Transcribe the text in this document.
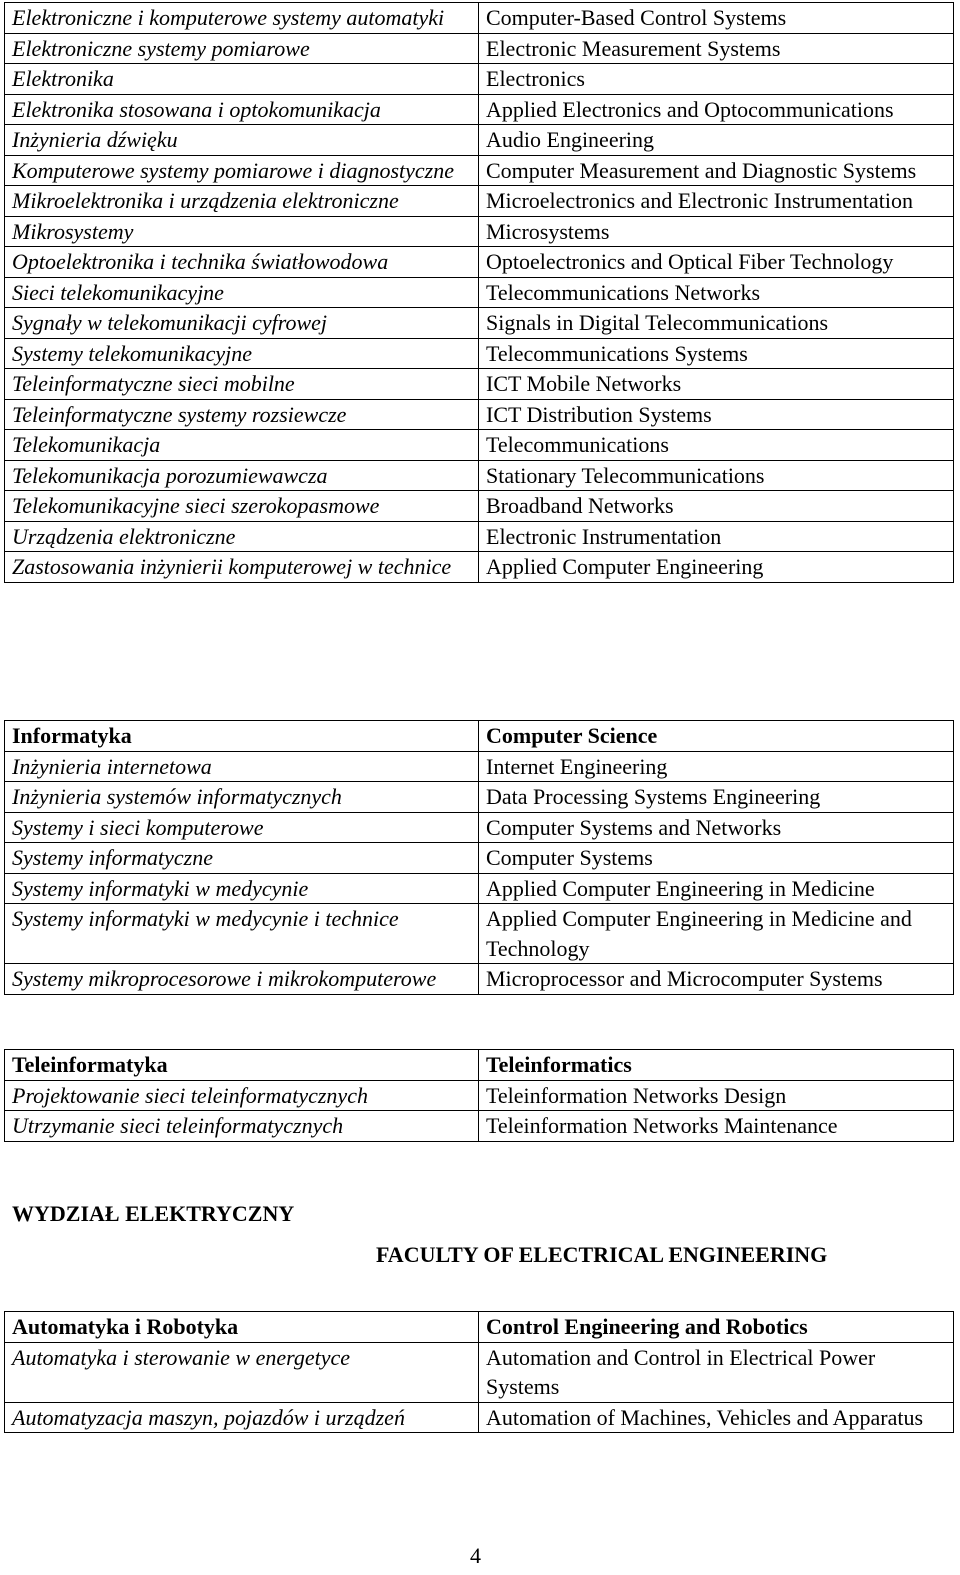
Elektroniczne i komputerowe systemy automatyki	Computer-Based Control Systems
Elektroniczne systemy pomiarowe	Electronic Measurement Systems
Elektronika	Electronics
Elektronika stosowana i optokomunikacja	Applied Electronics and Optocommunications
Inżynieria dźwięku	Audio Engineering
Komputerowe systemy pomiarowe i diagnostyczne	Computer Measurement and Diagnostic Systems
Mikroelektronika i urządzenia elektroniczne	Microelectronics and Electronic Instrumentation
Mikrosystemy	Microsystems
Optoelektronika i technika światłowodowa	Optoelectronics and Optical Fiber Technology
Sieci telekomunikacyjne	Telecommunications Networks
Sygnały w telekomunikacji cyfrowej	Signals in Digital Telecommunications
Systemy telekomunikacyjne	Telecommunications Systems
Teleinformatyczne sieci mobilne	ICT Mobile Networks
Teleinformatyczne systemy rozsiewcze	ICT Distribution Systems
Telekomunikacja	Telecommunications
Telekomunikacja porozumiewawcza	Stationary Telecommunications
Telekomunikacyjne sieci szerokopasmowe	Broadband Networks
Urządzenia elektroniczne	Electronic Instrumentation
Zastosowania inżynierii komputerowej w technice	Applied Computer Engineering
Informatyka	Computer Science
Inżynieria internetowa	Internet Engineering
Inżynieria systemów informatycznych	Data Processing Systems Engineering
Systemy i sieci komputerowe	Computer Systems and Networks
Systemy informatyczne	Computer Systems
Systemy informatyki w medycynie	Applied Computer Engineering in Medicine
Systemy informatyki w medycynie i technice	Applied Computer Engineering in Medicine and Technology
Systemy mikroprocesorowe i mikrokomputerowe	Microprocessor and Microcomputer Systems
Teleinformatyka	Teleinformatics
Projektowanie sieci teleinformatycznych	Teleinformation Networks Design
Utrzymanie sieci teleinformatycznych	Teleinformation Networks Maintenance
WYDZIAŁ ELEKTRYCZNY
FACULTY OF ELECTRICAL ENGINEERING
Automatyka i Robotyka	Control Engineering and Robotics
Automatyka i sterowanie w energetyce	Automation and Control in Electrical Power Systems
Automatyzacja maszyn, pojazdów i urządzeń	Automation of Machines, Vehicles and Apparatus
4
